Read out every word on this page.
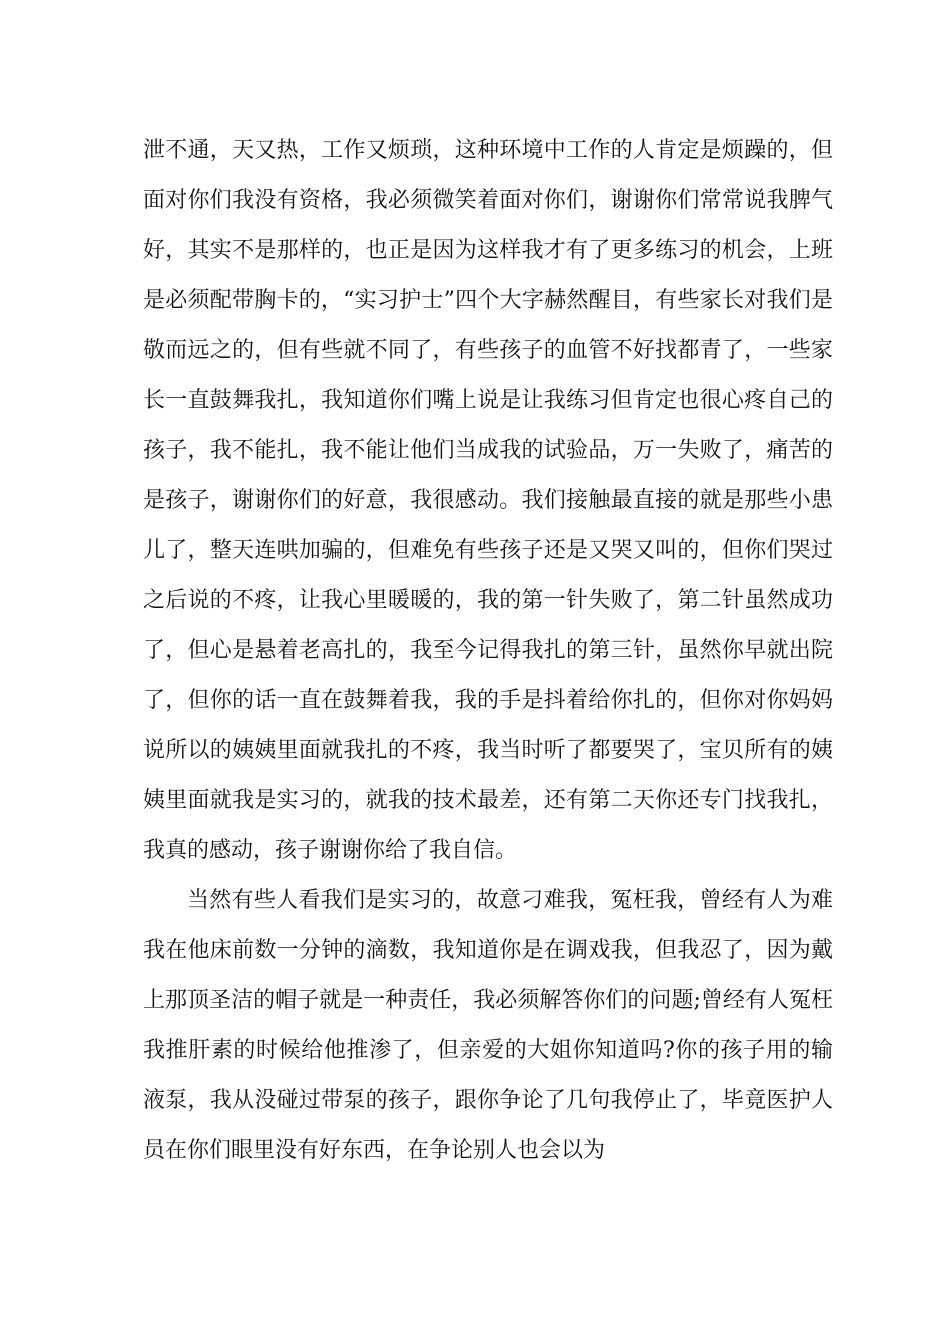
泄不通，天又热，工作又烦琐，这种环境中工作的人肯定是烦躁的，但面对你们我没有资格，我必须微笑着面对你们，谢谢你们常常说我脾气好，其实不是那样的，也正是因为这样我才有了更多练习的机会，上班是必须配带胸卡的，“实习护士”四个大字赫然醒目，有些家长对我们是敬而远之的，但有些就不同了，有些孩子的血管不好找都青了，一些家长一直鼓舞我扎，我知道你们嘴上说是让我练习但肯定也很心疼自己的孩子，我不能扎，我不能让他们当成我的试验品，万一失败了，痛苦的是孩子，谢谢你们的好意，我很感动。我们接触最直接的就是那些小患儿了，整天连哄加骗的，但难免有些孩子还是又哭又叫的，但你们哭过之后说的不疼，让我心里暖暖的，我的第一针失败了，第二针虽然成功了，但心是悬着老高扎的，我至今记得我扎的第三针，虽然你早就出院了，但你的话一直在鼓舞着我，我的手是抖着给你扎的，但你对你妈妈说所以的姨姨里面就我扎的不疼，我当时听了都要哭了，宝贝所有的姨姨里面就我是实习的，就我的技术最差，还有第二天你还专门找我扎，我真的感动，孩子谢谢你给了我自信。

当然有些人看我们是实习的，故意刁难我，冤枉我，曾经有人为难我在他床前数一分钟的滴数，我知道你是在调戏我，但我忍了，因为戴上那顶圣洁的帽子就是一种责任，我必须解答你们的问题;曾经有人冤枉我推肝素的时候给他推渗了，但亲爱的大姐你知道吗?你的孩子用的输液泵，我从没碰过带泵的孩子，跟你争论了几句我停止了，毕竟医护人员在你们眼里没有好东西，在争论别人也会以为
